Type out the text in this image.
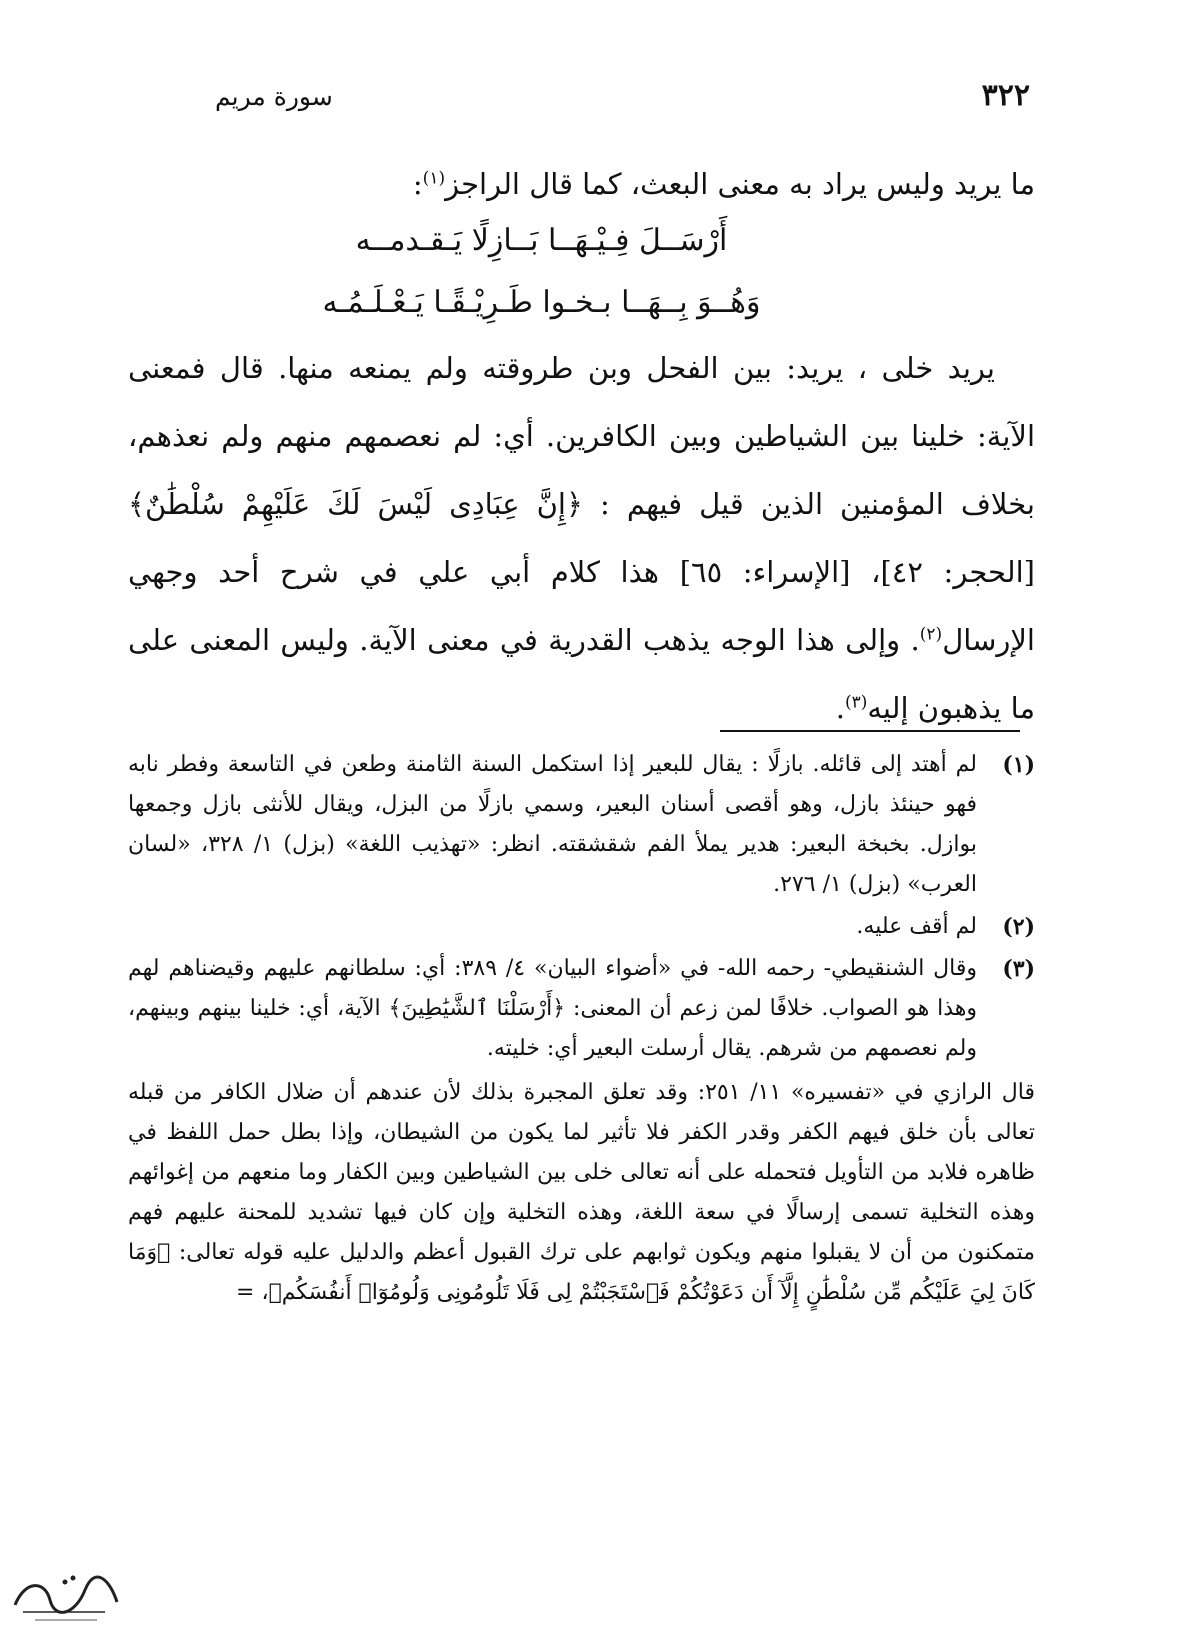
٣٢٢
سورة مريم
ما يريد وليس يراد به معنى البعث، كما قال الراجز$^{(١)}$:
أَرْسَــلَ فِـيْـهَــا بَــازِلًا يَـقـدمــه
وَهُــوَ بِــهَــا بـخـوا طَـرِيْـقًـا يَـعْـلَـمُـه
يريد خلى ، يريد: بين الفحل وبن طروقته ولم يمنعه منها. قال فمعنى الآية: خلينا بين الشياطين وبين الكافرين. أي: لم نعصمهم منهم ولم نعذهم، بخلاف المؤمنين الذين قيل فيهم : ﴿إِنَّ عِبَادِى لَيْسَ لَكَ عَلَيْهِمْ سُلْطَٰنٌ﴾ [الحجر: ٤٢]، [الإسراء: ٦٥] هذا كلام أبي علي في شرح أحد وجهي الإرسال$^{(٢)}$. وإلى هذا الوجه يذهب القدرية في معنى الآية. وليس المعنى على ما يذهبون إليه$^{(٣)}$.
(١)
لم أهتد إلى قائله. بازلًا : يقال للبعير إذا استكمل السنة الثامنة وطعن في التاسعة وفطر نابه فهو حينئذ بازل، وهو أقصى أسنان البعير، وسمي بازلًا من البزل، ويقال للأنثى بازل وجمعها بوازل. بخبخة البعير: هدير يملأ الفم شقشقته. انظر: «تهذيب اللغة» (بزل) ١/ ٣٢٨، «لسان العرب» (بزل) ١/ ٢٧٦.
(٢)
لم أقف عليه.
(٣)
وقال الشنقيطي- رحمه الله- في «أضواء البيان» ٤/ ٣٨٩: أي: سلطانهم عليهم وقيضناهم لهم وهذا هو الصواب. خلافًا لمن زعم أن المعنى: ﴿أَرْسَلْنَا ٱلشَّيَٰطِينَ﴾ الآية، أي: خلينا بينهم وبينهم، ولم نعصمهم من شرهم. يقال أرسلت البعير أي: خليته.
قال الرازي في «تفسيره» ١١/ ٢٥١: وقد تعلق المجبرة بذلك لأن عندهم أن ضلال الكافر من قبله تعالى بأن خلق فيهم الكفر وقدر الكفر فلا تأثير لما يكون من الشيطان، وإذا بطل حمل اللفظ في ظاهره فلابد من التأويل فتحمله على أنه تعالى خلى بين الشياطين وبين الكفار وما منعهم من إغوائهم وهذه التخلية تسمى إرسالًا في سعة اللغة، وهذه التخلية وإن كان فيها تشديد للمحنة عليهم فهم متمكنون من أن لا يقبلوا منهم ويكون ثوابهم على ترك القبول أعظم والدليل عليه قوله تعالى: ﴿وَمَا كَانَ لِيَ عَلَيْكُم مِّن سُلْطَٰنٍ إِلَّآ أَن دَعَوْتُكُمْ فَٱسْتَجَبْتُمْ لِى فَلَا تَلُومُونِى وَلُومُوٓا۟ أَنفُسَكُم﴾، =
